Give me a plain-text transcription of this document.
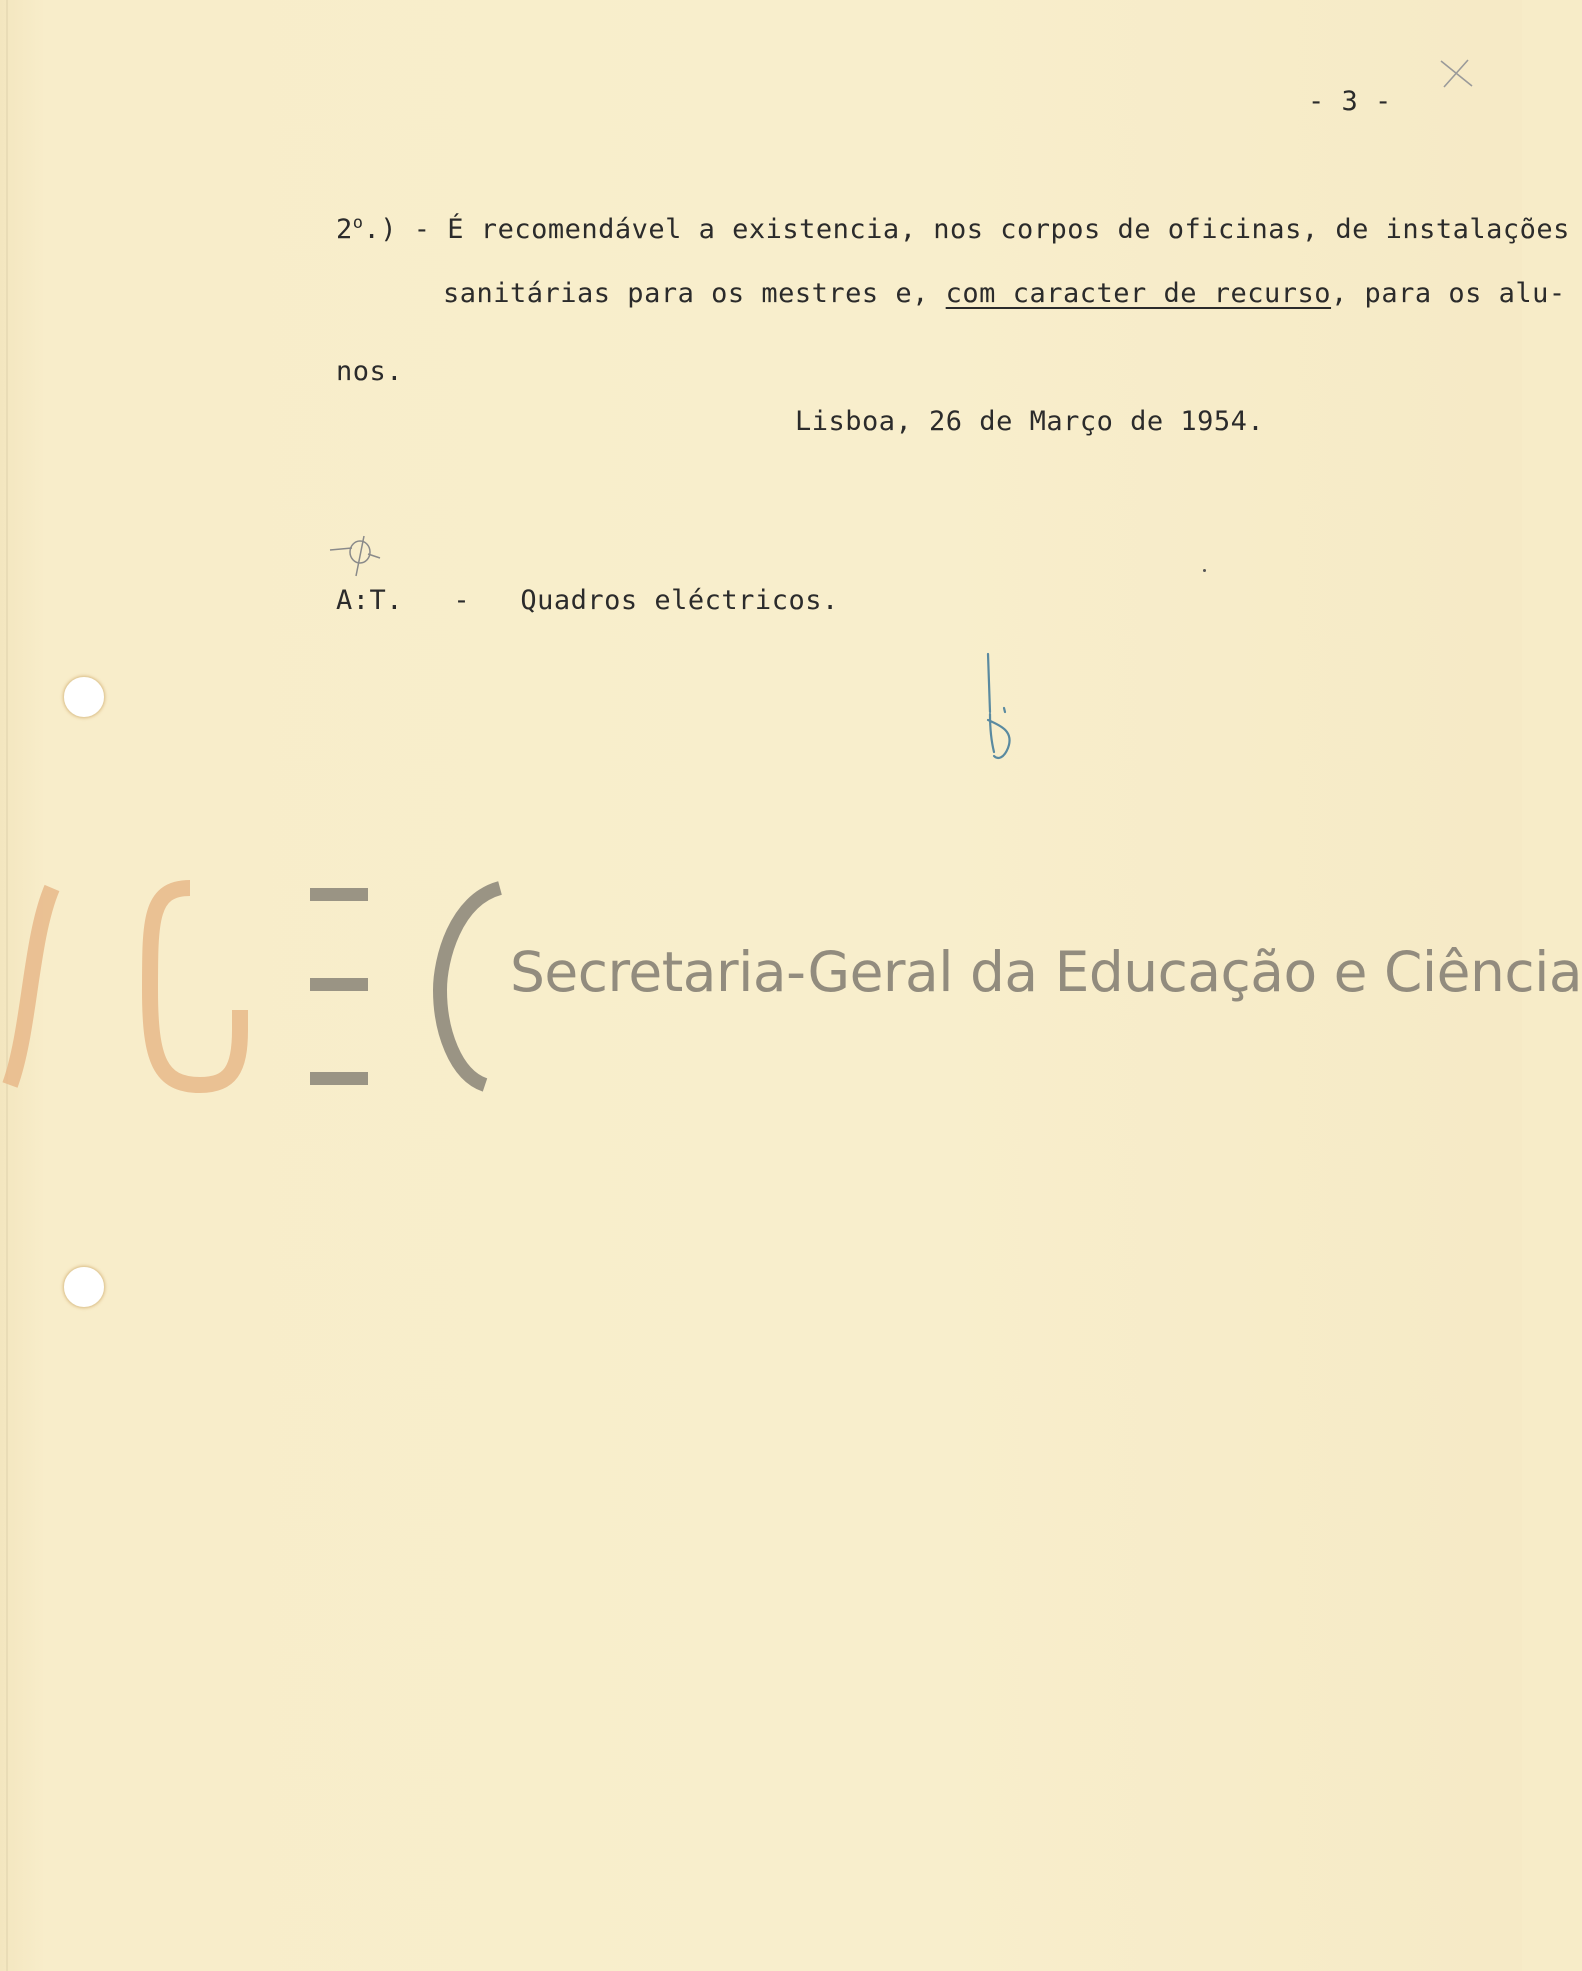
- 3 -
2$^o$.) - É recomendável a existencia, nos corpos de oficinas, de instalações
sanitárias para os mestres e, com caracter de recurso, para os alu-
nos.
Lisboa, 26 de Março de 1954.
A:T. - Quadros eléctricos.
Secretaria-Geral da Educação e Ciência
